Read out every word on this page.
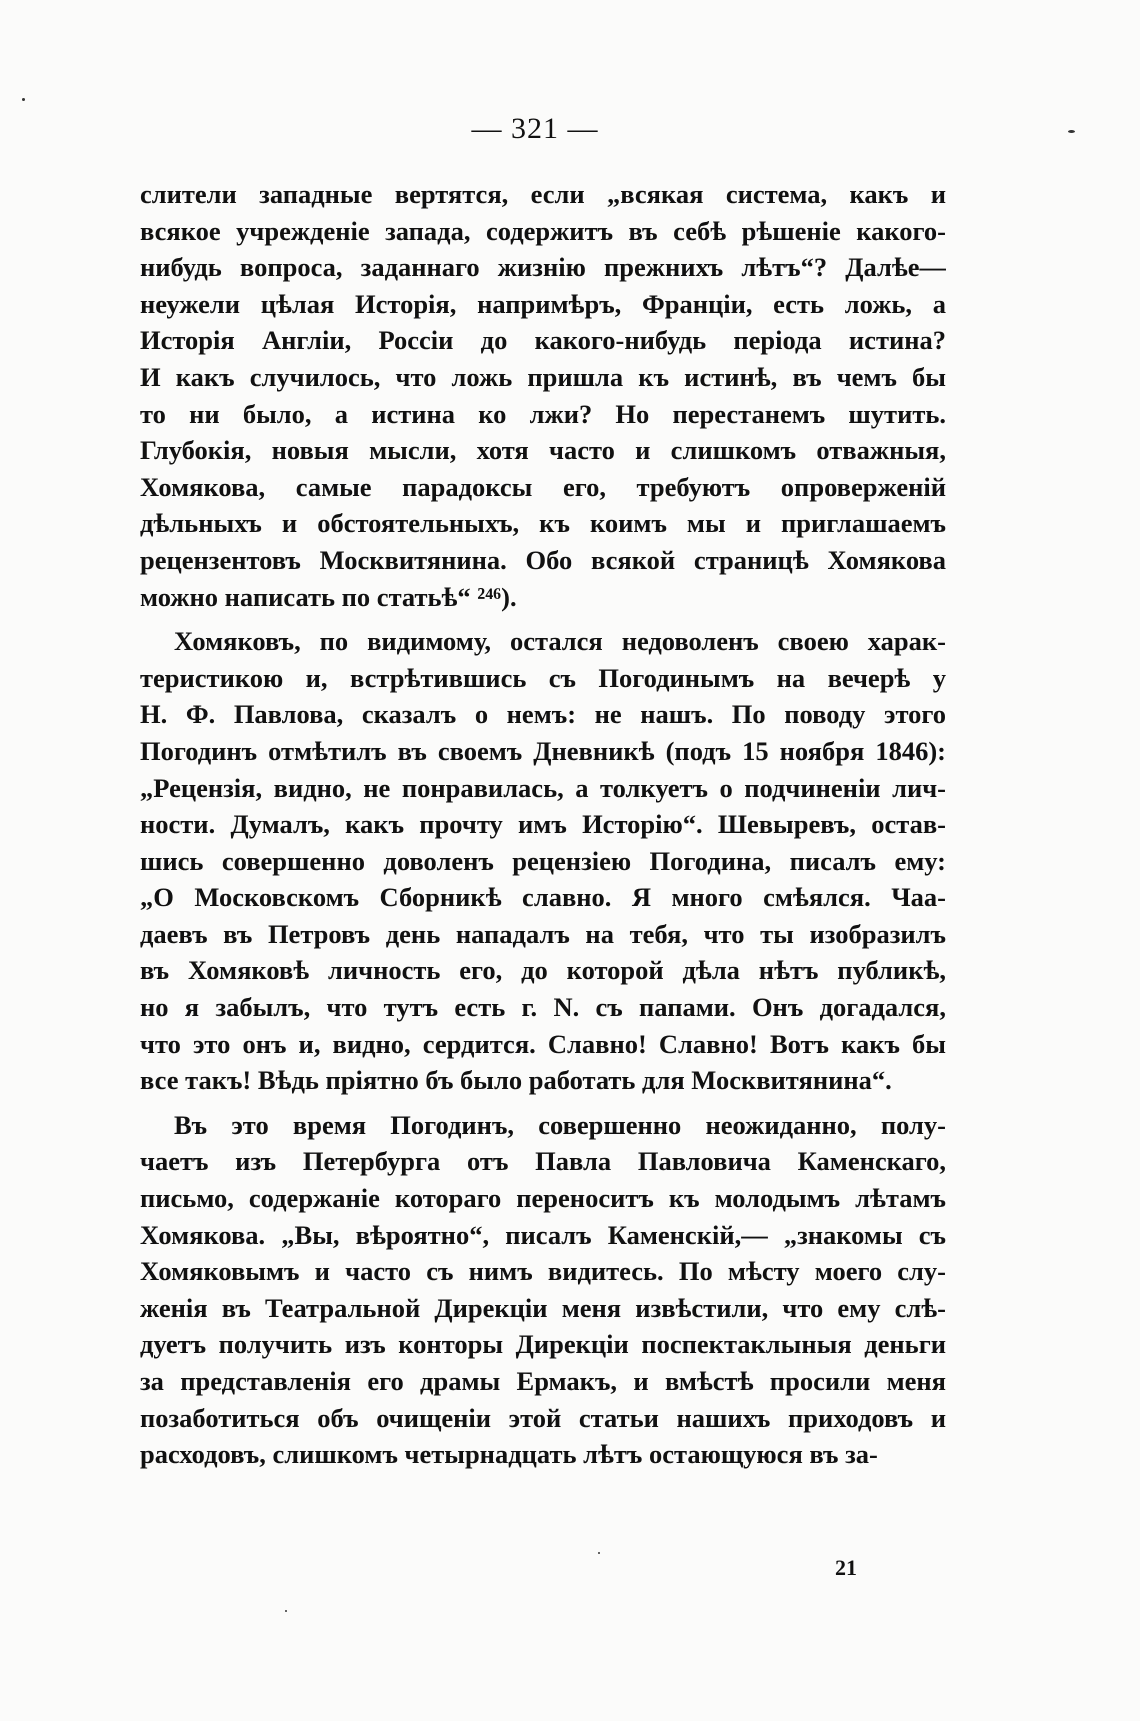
— 321 —
слители западные вертятся, если „всякая система, какъ и
всякое учрежденіе запада, содержитъ въ себѣ рѣшеніе какого-
нибудь вопроса, заданнаго жизнію прежнихъ лѣтъ“? Далѣе—
неужели цѣлая Исторія, напримѣръ, Франціи, есть ложь, а
Исторія Англіи, Россіи до какого-нибудь періода истина?
И какъ случилось, что ложь пришла къ истинѣ, въ чемъ бы
то ни было, а истина ко лжи? Но перестанемъ шутить.
Глубокія, новыя мысли, хотя часто и слишкомъ отважныя,
Хомякова, самые парадоксы его, требуютъ опроверженій
дѣльныхъ и обстоятельныхъ, къ коимъ мы и приглашаемъ
рецензентовъ Москвитянина. Обо всякой страницѣ Хомякова
можно написать по статьѣ“ ²⁴⁶).
Хомяковъ, по видимому, остался недоволенъ своею харак-
теристикою и, встрѣтившись съ Погодинымъ на вечерѣ у
Н. Ф. Павлова, сказалъ о немъ: не нашъ. По поводу этого
Погодинъ отмѣтилъ въ своемъ Дневникѣ (подъ 15 ноября 1846):
„Рецензія, видно, не понравилась, а толкуетъ о подчиненіи лич-
ности. Думалъ, какъ прочту имъ Исторію“. Шевыревъ, остав-
шись совершенно доволенъ рецензіею Погодина, писалъ ему:
„О Московскомъ Сборникѣ славно. Я много смѣялся. Чаа-
даевъ въ Петровъ день нападалъ на тебя, что ты изобразилъ
въ Хомяковѣ личность его, до которой дѣла нѣтъ публикѣ,
но я забылъ, что тутъ есть г. N. съ папами. Онъ догадался,
что это онъ и, видно, сердится. Славно! Славно! Вотъ какъ бы
все такъ! Вѣдь пріятно бъ было работать для Москвитянина“.
Въ это время Погодинъ, совершенно неожиданно, полу-
чаетъ изъ Петербурга отъ Павла Павловича Каменскаго,
письмо, содержаніе котораго переноситъ къ молодымъ лѣтамъ
Хомякова. „Вы, вѣроятно“, писалъ Каменскій,— „знакомы съ
Хомяковымъ и часто съ нимъ видитесь. По мѣсту моего слу-
женія въ Театральной Дирекціи меня извѣстили, что ему слѣ-
дуетъ получить изъ конторы Дирекціи поспектаклыныя деньги
за представленія его драмы Ермакъ, и вмѣстѣ просили меня
позаботиться объ очищеніи этой статьи нашихъ приходовъ и
расходовъ, слишкомъ четырнадцать лѣтъ остающуюся въ за-
21
